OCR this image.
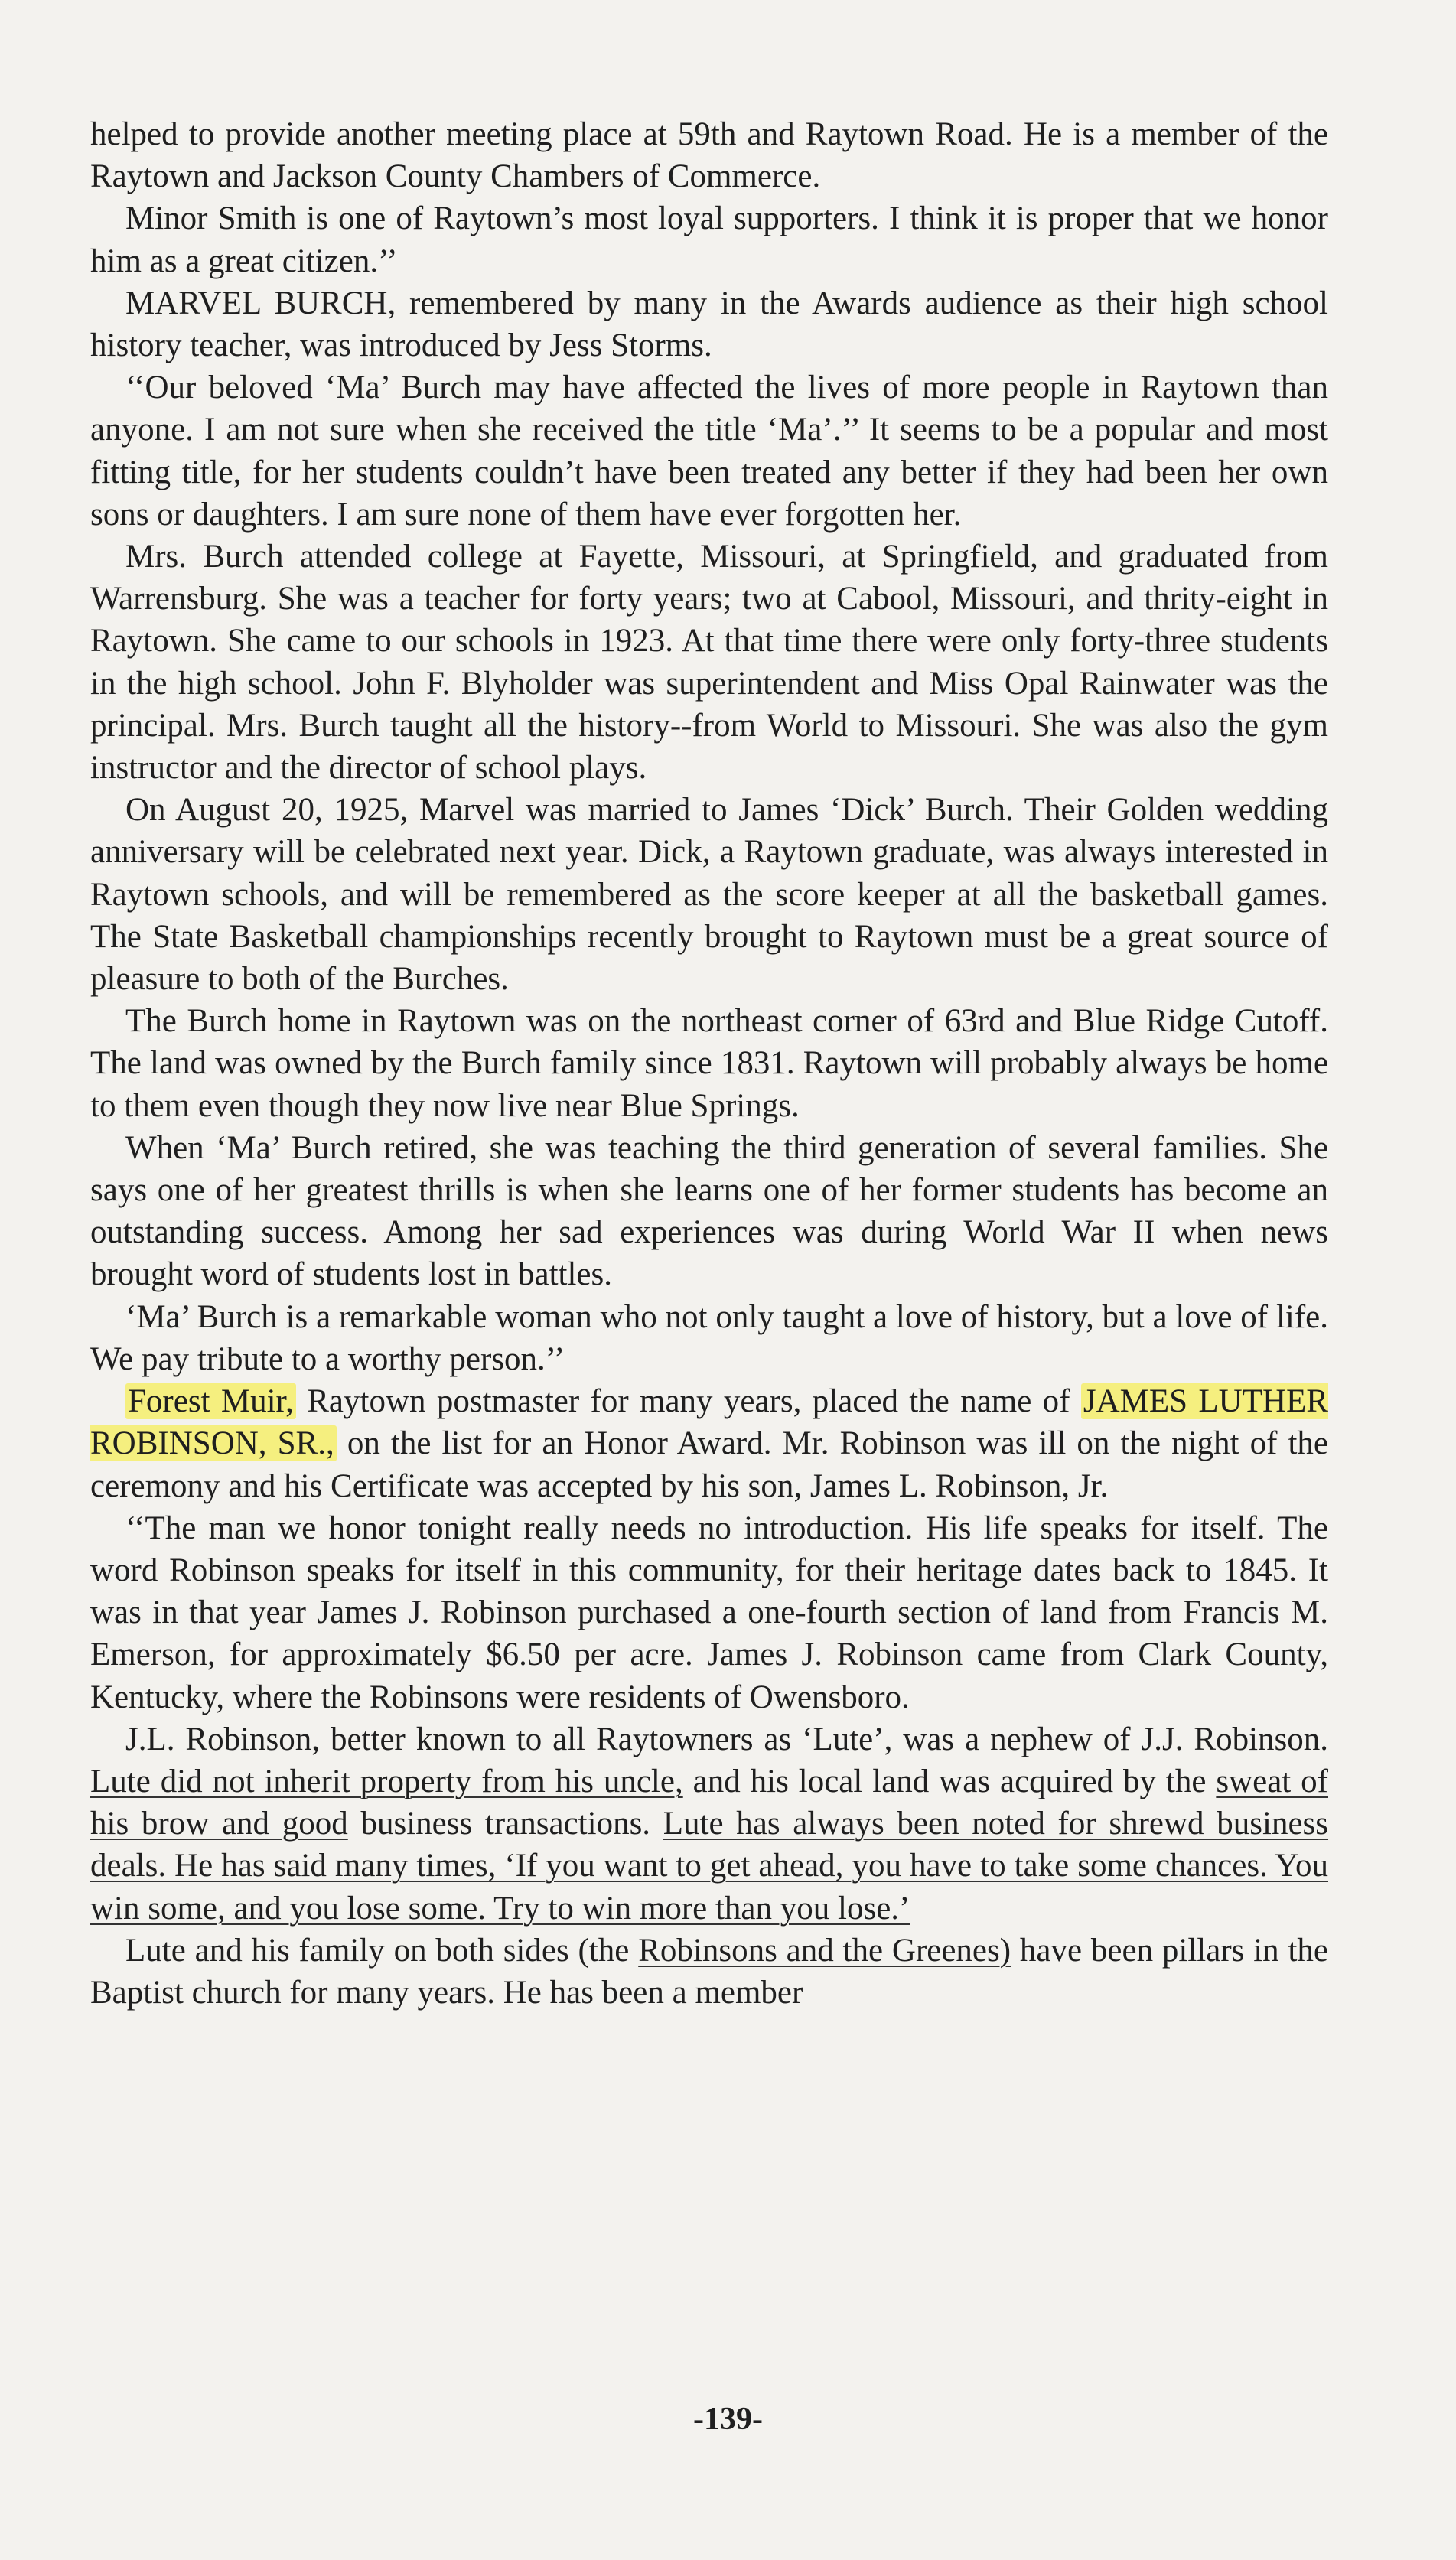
helped to provide another meeting place at 59th and Raytown Road. He is a member of the Raytown and Jackson County Chambers of Commerce.

Minor Smith is one of Raytown’s most loyal supporters. I think it is proper that we honor him as a great citizen.’’

MARVEL BURCH, remembered by many in the Awards audience as their high school history teacher, was introduced by Jess Storms.

‘‘Our beloved ‘Ma’ Burch may have affected the lives of more people in Raytown than anyone. I am not sure when she received the title ‘Ma’.’’ It seems to be a popular and most fitting title, for her students couldn’t have been treated any better if they had been her own sons or daughters. I am sure none of them have ever forgotten her.

Mrs. Burch attended college at Fayette, Missouri, at Springfield, and graduated from Warrensburg. She was a teacher for forty years; two at Cabool, Missouri, and thrity-eight in Raytown. She came to our schools in 1923. At that time there were only forty-three students in the high school. John F. Blyholder was superintendent and Miss Opal Rainwater was the principal. Mrs. Burch taught all the history--from World to Missouri. She was also the gym instructor and the director of school plays.

On August 20, 1925, Marvel was married to James ‘Dick’ Burch. Their Golden wedding anniversary will be celebrated next year. Dick, a Raytown graduate, was always interested in Raytown schools, and will be remembered as the score keeper at all the basketball games. The State Basketball championships recently brought to Raytown must be a great source of pleasure to both of the Burches.

The Burch home in Raytown was on the northeast corner of 63rd and Blue Ridge Cutoff. The land was owned by the Burch family since 1831. Raytown will probably always be home to them even though they now live near Blue Springs.

When ‘Ma’ Burch retired, she was teaching the third generation of several families. She says one of her greatest thrills is when she learns one of her former students has become an outstanding success. Among her sad experiences was during World War II when news brought word of students lost in battles.

‘Ma’ Burch is a remarkable woman who not only taught a love of history, but a love of life. We pay tribute to a worthy person.’’

Forest Muir, Raytown postmaster for many years, placed the name of JAMES LUTHER ROBINSON, SR., on the list for an Honor Award. Mr. Robinson was ill on the night of the ceremony and his Certificate was accepted by his son, James L. Robinson, Jr.

‘‘The man we honor tonight really needs no introduction. His life speaks for itself. The word Robinson speaks for itself in this community, for their heritage dates back to 1845. It was in that year James J. Robinson purchased a one-fourth section of land from Francis M. Emerson, for approximately $6.50 per acre. James J. Robinson came from Clark County, Kentucky, where the Robinsons were residents of Owensboro.

J.L. Robinson, better known to all Raytowners as ‘Lute’, was a nephew of J.J. Robinson. Lute did not inherit property from his uncle, and his local land was acquired by the sweat of his brow and good business transactions. Lute has always been noted for shrewd business deals. He has said many times, ‘If you want to get ahead, you have to take some chances. You win some, and you lose some. Try to win more than you lose.’

Lute and his family on both sides (the Robinsons and the Greenes) have been pillars in the Baptist church for many years. He has been a member

-139-
